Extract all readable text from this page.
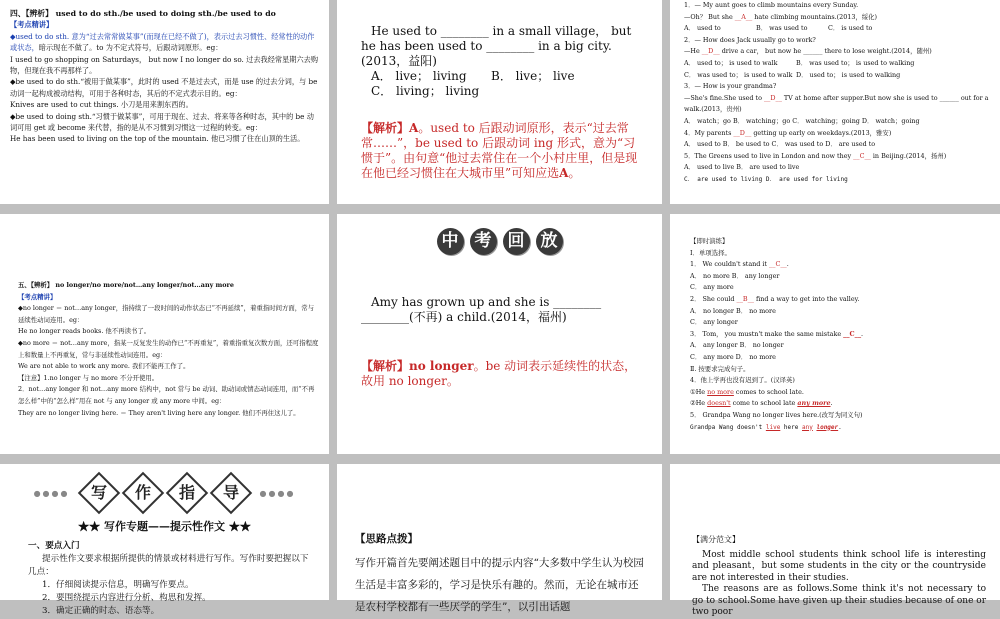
四、【辨析】 used to do sth./be used to doing sth./be used to do

【考点精讲】

◆used to do sth. 意为“过去常常做某事”(而现在已经不做了)，表示过去习惯性、经常性的动作或状态，暗示现在不做了。to 为不定式符号，后跟动词原形。eg：

I used to go shopping on Saturdays， but now I no longer do so. 过去我经常星期六去购物，但现在我不再那样了。

◆be used to do sth.“被用于做某事”，此时的 used 不是过去式，而是 use 的过去分词，与 be 动词一起构成被动结构，可用于各种时态，其后的不定式表示目的。eg：

Knives are used to cut things. 小刀是用来割东西的。

◆be used to doing sth.“习惯于做某事”，可用于现在、过去、将来等各种时态，其中的 be 动词可用 get 或 become 来代替，指的是从不习惯到习惯这一过程的转变。eg：

He has been used to living on the top of the mountain. 他已习惯了住在山顶的生活。

He used to ________ in a small village， but he has been used to ________ in a big city.(2013，益阳)

A． live； living B． live； live

C． living； living

【解析】A。used to 后跟动词原形，表示“过去常常……”，be used to 后跟动词 ing 形式，意为“习惯于”。由句意“他过去常住在一个小村庄里，但是现在他已经习惯住在大城市里”可知应选A。

1．— My aunt goes to climb mountains every Sunday.

—Oh？ But she __A__ hate climbing mountains.(2013，绥化)

A． used to	B． was used to	C． is used to

2．— How does Jack usually go to work?

—He __D__ drive a car， but now he ______ there to lose weight.(2014，随州)

A． used to； is used to walk	B． was used to； is used to walking

C． was used to； is used to walk D． used to； is used to walking

3．— How is your grandma?

—She's fine.She used to __D__ TV at home after supper.But now she is used to ______ out for a walk.(2013，贵州)

A． watch；go B． watching；go C． watching；going D． watch；going

4．My parents __D__ getting up early on weekdays.(2013，雅安)

A． used to B． be used to C． was used to D． are used to

5．The Greens used to live in London and now they __C__ in Beijing.(2014，扬州)

A． used to live B． are used to live

C． are used to living D． are used for living

五、【辨析】 no longer/no more/not…any longer/not…any more

【考点精讲】

◆no longer ＝ not…any longer，指持续了一段时间的动作状态已“不再延续”，着重指时间方面，常与延续性动词连用。eg：

He no longer reads books. 他不再读书了。

◆no more ＝ not…any more，指某一反复发生的动作已“不再重复”，着重指重复次数方面，还可指程度上和数量上不再重复，常与非延续性动词连用。eg：

We are not able to work any more. 我们不能再工作了。

【注意】1.no longer 与 no more 不分开使用。

2．not…any longer 和 not…any more 结构中，not 常与 be 动词、助动词或情态动词连用，而“不再怎么样”中的“怎么样”用在 not 与 any longer 或 any more 中间。eg：

They are no longer living here. ＝ They aren't living here any longer. 他们不再住这儿了。

中 考 回 放

Amy has grown up and she is ________ ________(不再) a child.(2014，福州)

【解析】no longer。be 动词表示延续性的状态，故用 no longer。

【即时演练】

Ⅰ．单项选择。

1． We couldn't stand it __C__.

A． no more B． any longer

C． any more

2． She could __B__ find a way to get into the valley.

A． no longer B． no more

C． any longer

3． Tom， you mustn't make the same mistake __C__.

A． any longer B． no longer

C． any more D． no more

Ⅱ. 按要求完成句子。

4．他上学再也没有迟到了。(汉译英)

①He no more comes to school late.

②He doesn't come to school late any more.

5． Grandpa Wang no longer lives here.(改写为同义句)

Grandpa Wang doesn't live here any longer.

●●●●	写	作	指	导	●●●●

★★ 写作专题——提示性作文 ★★

一、要点入门

提示性作文要求根据所提供的情景或材料进行写作。写作时要把握以下几点：

1．仔细阅读提示信息，明确写作要点。

2．要围绕提示内容进行分析、构思和发挥。

3．确定正确的时态、语态等。

【思路点拨】

写作开篇首先要阐述题目中的提示内容“大多数中学生认为校园生活是丰富多彩的，学习是快乐有趣的。然而，无论在城市还是农村学校都有一些厌学的学生”，以引出话题

【满分范文】

Most middle school students think school life is interesting and pleasant，but some students in the city or the countryside are not interested in their studies.

The reasons are as follows.Some think it's not necessary to go to school.Some have given up their studies because of one or two poor
